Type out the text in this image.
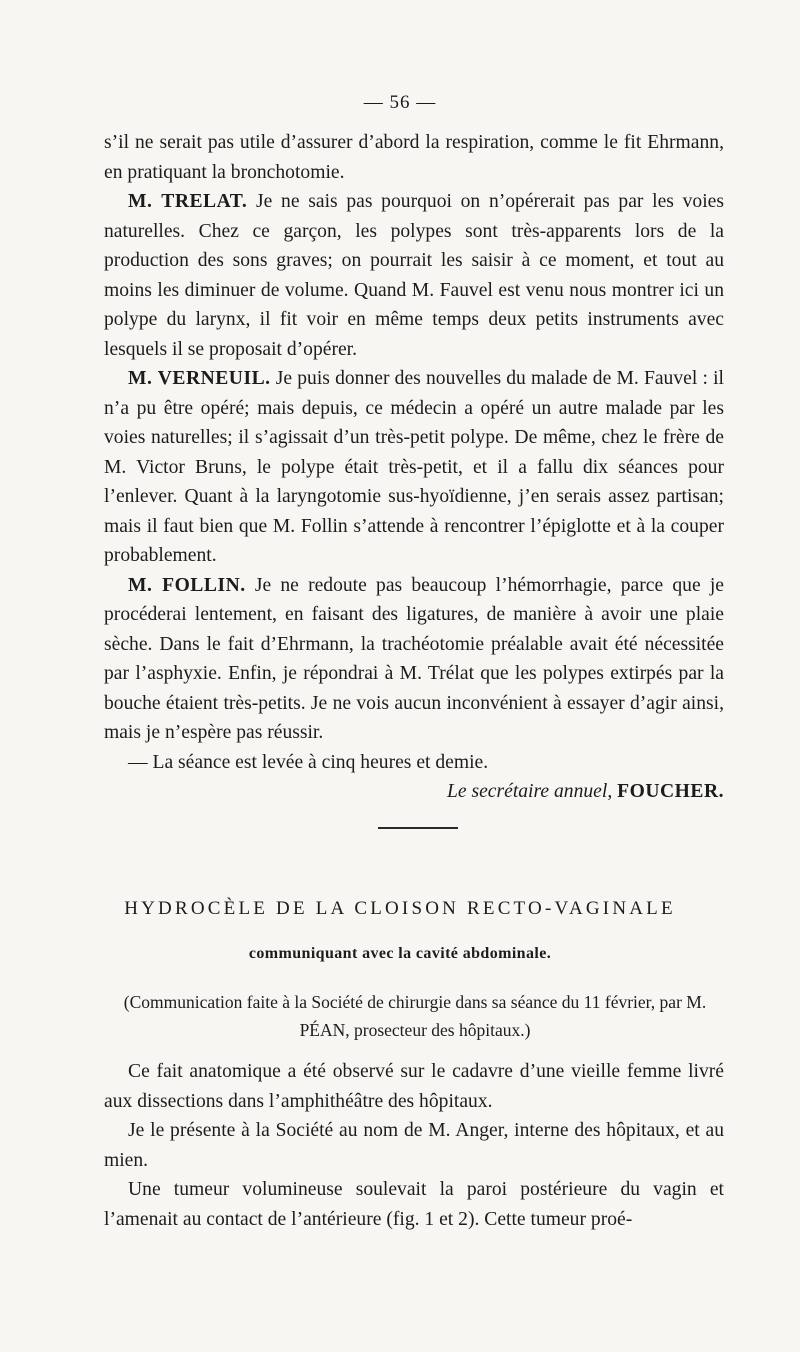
— 56 —

s’il ne serait pas utile d’assurer d’abord la respiration, comme le fit Ehrmann, en pratiquant la bronchotomie.

M. TRELAT. Je ne sais pas pourquoi on n’opérerait pas par les voies naturelles. Chez ce garçon, les polypes sont très-apparents lors de la production des sons graves; on pourrait les saisir à ce moment, et tout au moins les diminuer de volume. Quand M. Fauvel est venu nous montrer ici un polype du larynx, il fit voir en même temps deux petits instruments avec lesquels il se proposait d’opérer.

M. VERNEUIL. Je puis donner des nouvelles du malade de M. Fauvel : il n’a pu être opéré; mais depuis, ce médecin a opéré un autre malade par les voies naturelles; il s’agissait d’un très-petit polype. De même, chez le frère de M. Victor Bruns, le polype était très-petit, et il a fallu dix séances pour l’enlever. Quant à la laryngotomie sus-hyoïdienne, j’en serais assez partisan; mais il faut bien que M. Follin s’attende à rencontrer l’épiglotte et à la couper probablement.

M. FOLLIN. Je ne redoute pas beaucoup l’hémorrhagie, parce que je procéderai lentement, en faisant des ligatures, de manière à avoir une plaie sèche. Dans le fait d’Ehrmann, la trachéotomie préalable avait été nécessitée par l’asphyxie. Enfin, je répondrai à M. Trélat que les polypes extirpés par la bouche étaient très-petits. Je ne vois aucun inconvénient à essayer d’agir ainsi, mais je n’espère pas réussir.

— La séance est levée à cinq heures et demie.

Le secrétaire annuel, FOUCHER.

HYDROCÈLE DE LA CLOISON RECTO-VAGINALE
communiquant avec la cavité abdominale.
(Communication faite à la Société de chirurgie dans sa séance du 11 février, par M. PÉAN, prosecteur des hôpitaux.)

Ce fait anatomique a été observé sur le cadavre d’une vieille femme livré aux dissections dans l’amphithéâtre des hôpitaux.

Je le présente à la Société au nom de M. Anger, interne des hôpitaux, et au mien.

Une tumeur volumineuse soulevait la paroi postérieure du vagin et l’amenait au contact de l’antérieure (fig. 1 et 2). Cette tumeur proé-
